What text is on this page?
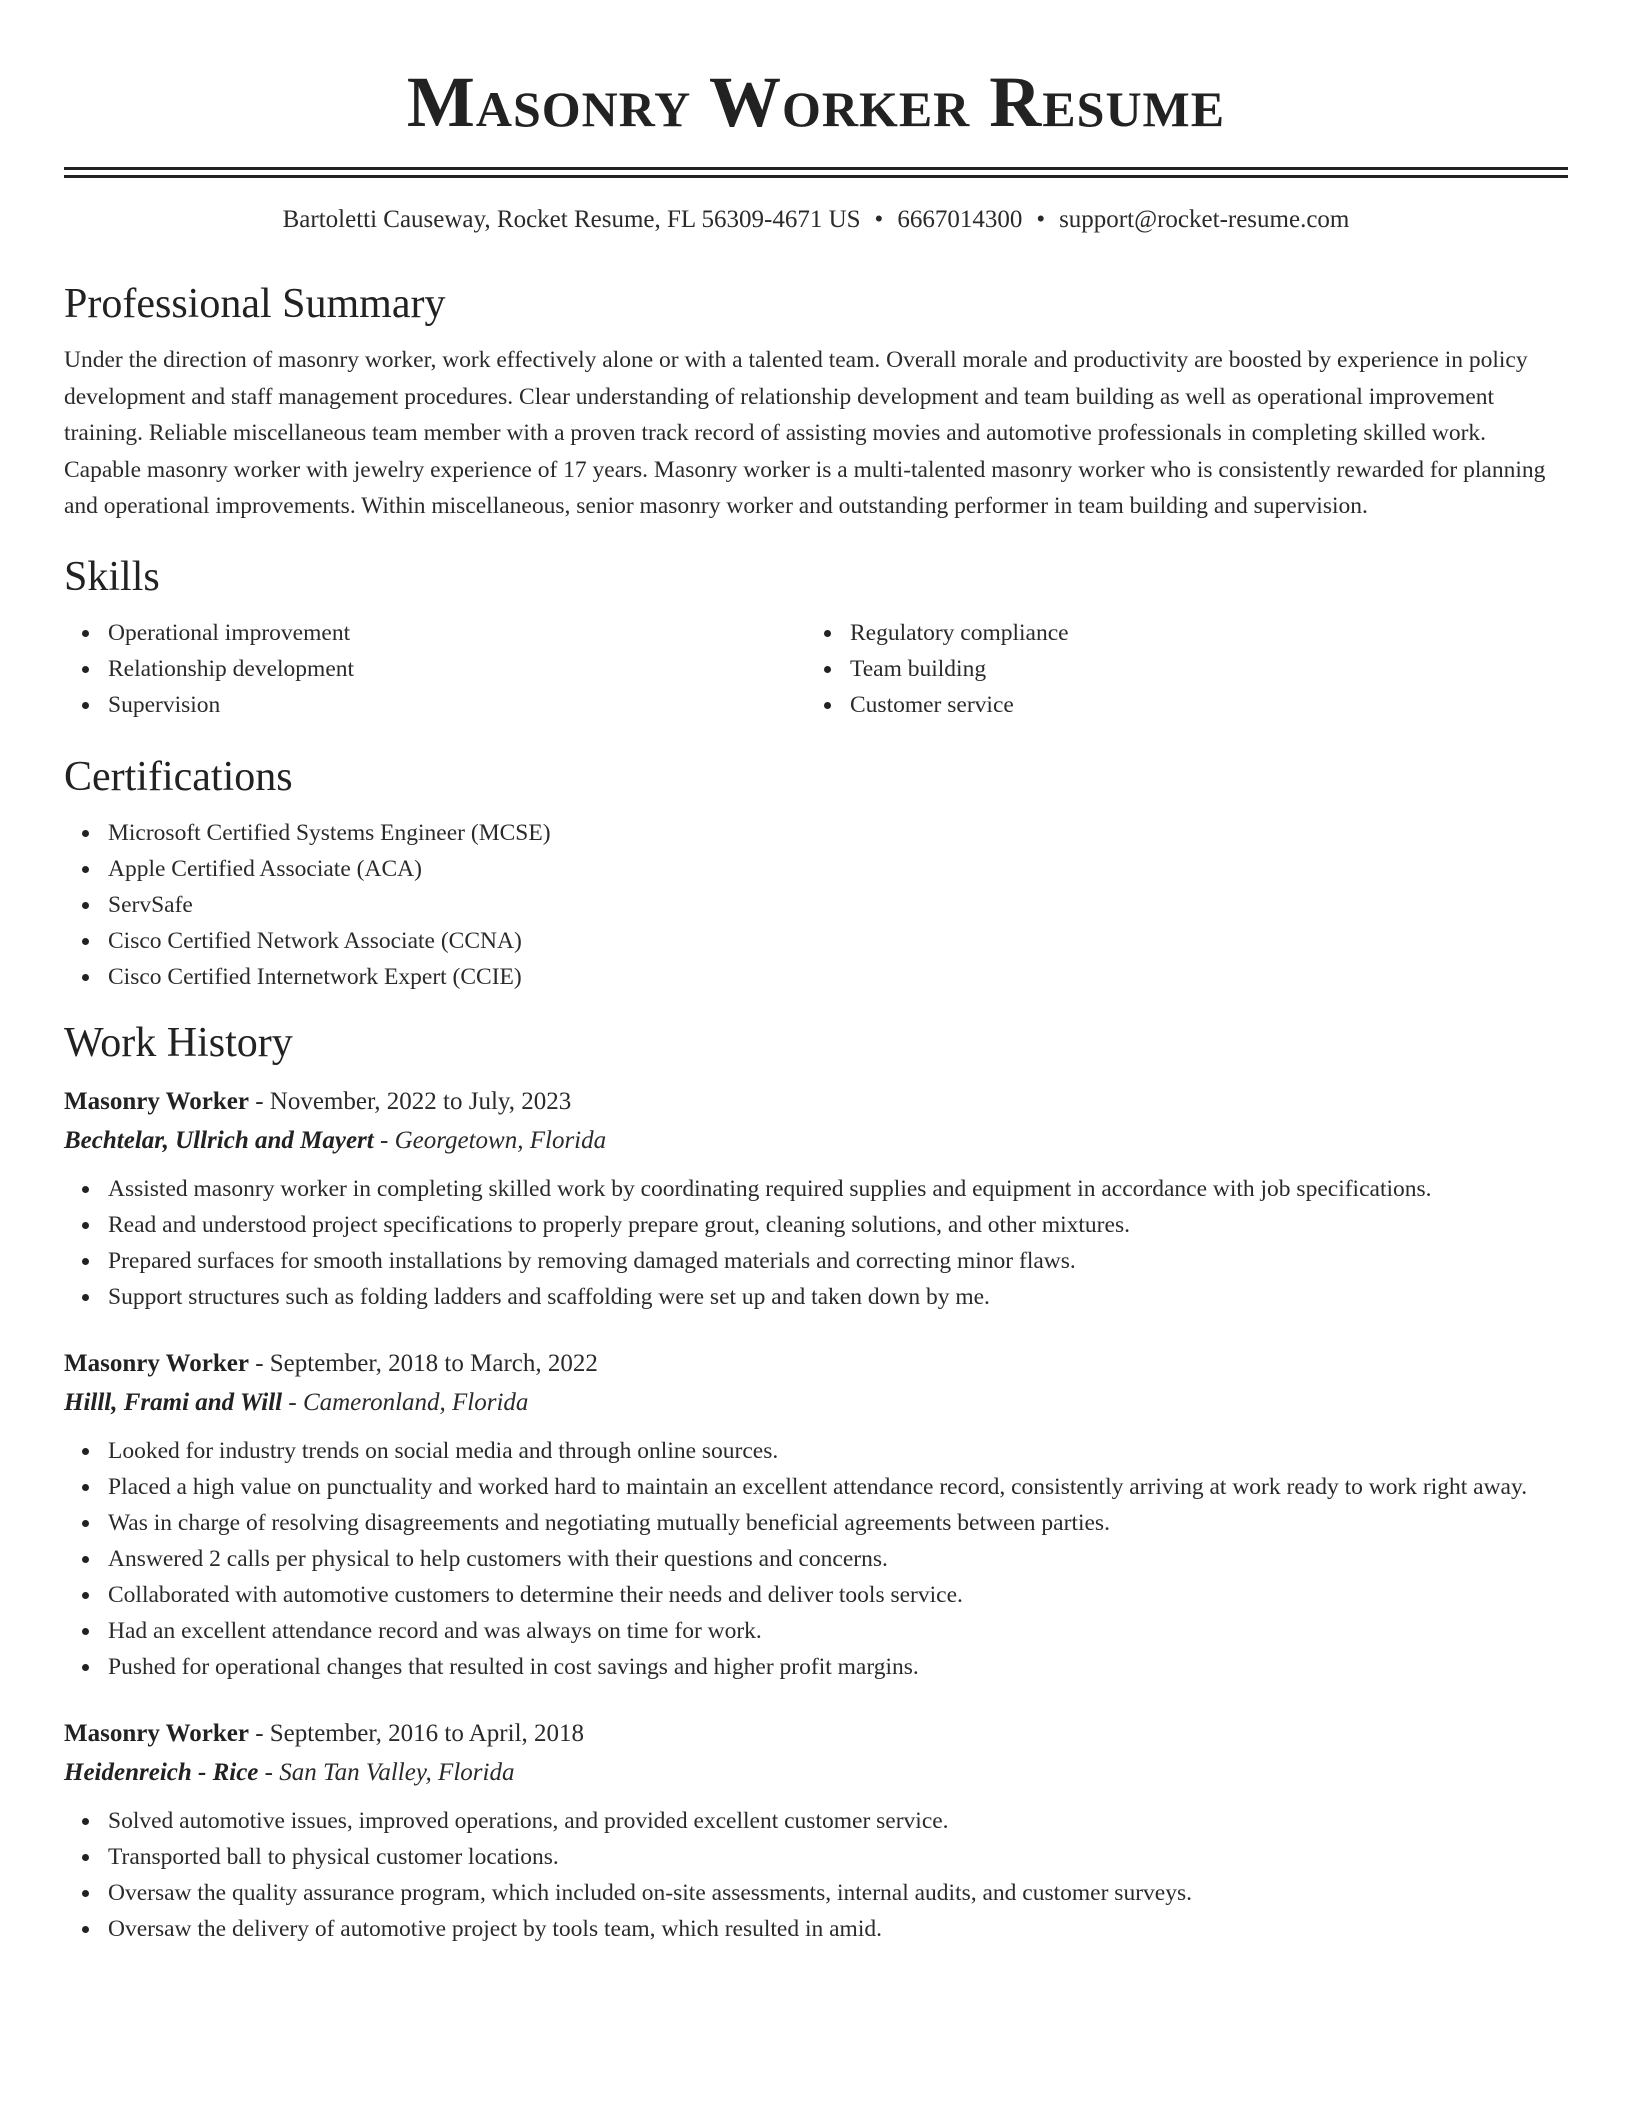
Masonry Worker Resume
Bartoletti Causeway, Rocket Resume, FL 56309-4671 US • 6667014300 • support@rocket-resume.com
Professional Summary

Under the direction of masonry worker, work effectively alone or with a talented team. Overall morale and productivity are boosted by experience in policy development and staff management procedures. Clear understanding of relationship development and team building as well as operational improvement training. Reliable miscellaneous team member with a proven track record of assisting movies and automotive professionals in completing skilled work. Capable masonry worker with jewelry experience of 17 years. Masonry worker is a multi-talented masonry worker who is consistently rewarded for planning and operational improvements. Within miscellaneous, senior masonry worker and outstanding performer in team building and supervision.

Skills
Operational improvement
Relationship development
Supervision
Regulatory compliance
Team building
Customer service
Certifications
Microsoft Certified Systems Engineer (MCSE)
Apple Certified Associate (ACA)
ServSafe
Cisco Certified Network Associate (CCNA)
Cisco Certified Internetwork Expert (CCIE)
Work History
Masonry Worker - November, 2022 to July, 2023
Bechtelar, Ullrich and Mayert - Georgetown, Florida
Assisted masonry worker in completing skilled work by coordinating required supplies and equipment in accordance with job specifications.
Read and understood project specifications to properly prepare grout, cleaning solutions, and other mixtures.
Prepared surfaces for smooth installations by removing damaged materials and correcting minor flaws.
Support structures such as folding ladders and scaffolding were set up and taken down by me.
Masonry Worker - September, 2018 to March, 2022
Hilll, Frami and Will - Cameronland, Florida
Looked for industry trends on social media and through online sources.
Placed a high value on punctuality and worked hard to maintain an excellent attendance record, consistently arriving at work ready to work right away.
Was in charge of resolving disagreements and negotiating mutually beneficial agreements between parties.
Answered 2 calls per physical to help customers with their questions and concerns.
Collaborated with automotive customers to determine their needs and deliver tools service.
Had an excellent attendance record and was always on time for work.
Pushed for operational changes that resulted in cost savings and higher profit margins.
Masonry Worker - September, 2016 to April, 2018
Heidenreich - Rice - San Tan Valley, Florida
Solved automotive issues, improved operations, and provided excellent customer service.
Transported ball to physical customer locations.
Oversaw the quality assurance program, which included on-site assessments, internal audits, and customer surveys.
Oversaw the delivery of automotive project by tools team, which resulted in amid.
